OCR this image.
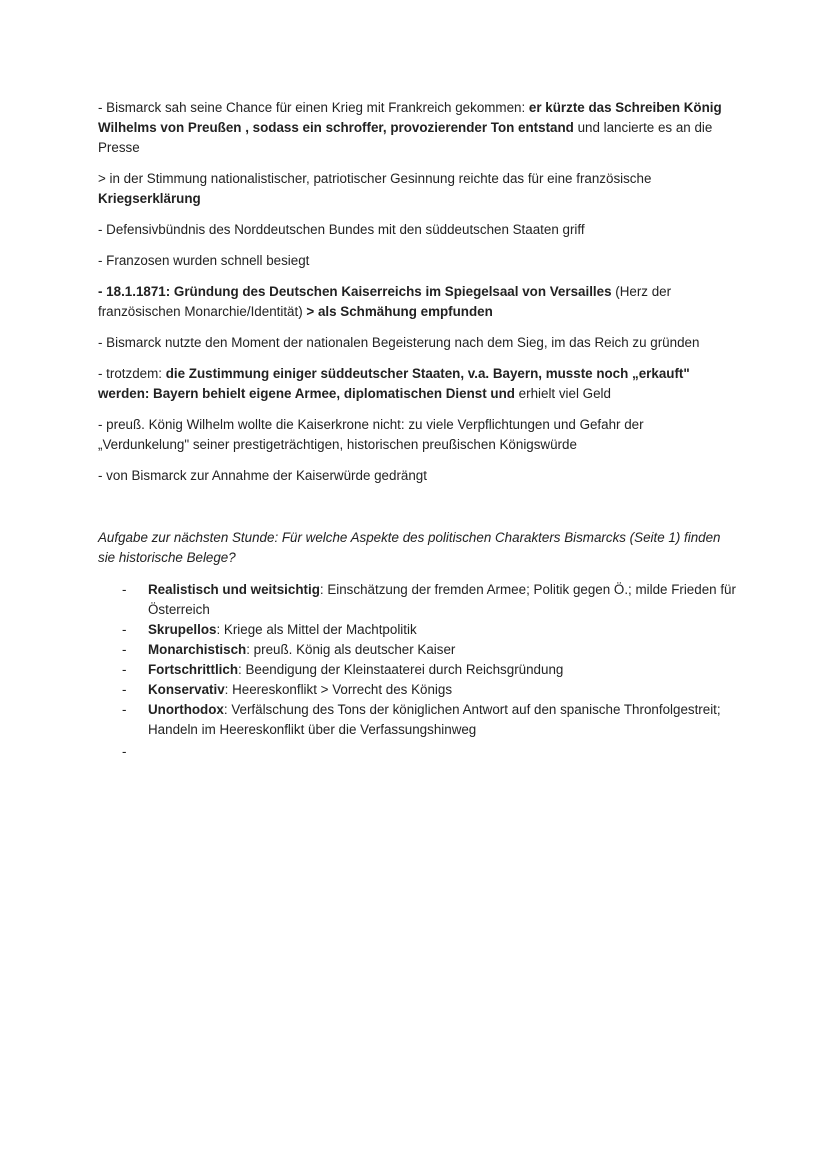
- Bismarck sah seine Chance für einen Krieg mit Frankreich gekommen: er kürzte das Schreiben König Wilhelms von Preußen , sodass ein schroffer, provozierender Ton entstand und lancierte es an die Presse

> in der Stimmung nationalistischer, patriotischer Gesinnung reichte das für eine französische Kriegserklärung

- Defensivbündnis des Norddeutschen Bundes mit den süddeutschen Staaten griff

- Franzosen wurden schnell besiegt

- 18.1.1871: Gründung des Deutschen Kaiserreichs im Spiegelsaal von Versailles (Herz der französischen Monarchie/Identität) > als Schmähung empfunden

- Bismarck nutzte den Moment der nationalen Begeisterung nach dem Sieg, im das Reich zu gründen

- trotzdem: die Zustimmung einiger süddeutscher Staaten, v.a. Bayern, musste noch „erkauft" werden: Bayern behielt eigene Armee, diplomatischen Dienst und erhielt viel Geld

- preuß. König Wilhelm wollte die Kaiserkrone nicht: zu viele Verpflichtungen und Gefahr der „Verdunkelung" seiner prestigeträchtigen, historischen preußischen Königswürde

- von Bismarck zur Annahme der Kaiserwürde gedrängt

Aufgabe zur nächsten Stunde: Für welche Aspekte des politischen Charakters Bismarcks (Seite 1) finden sie historische Belege?

- Realistisch und weitsichtig: Einschätzung der fremden Armee; Politik gegen Ö.; milde Frieden für Österreich
- Skrupellos: Kriege als Mittel der Machtpolitik
- Monarchistisch: preuß. König als deutscher Kaiser
- Fortschrittlich: Beendigung der Kleinstaaterei durch Reichsgründung
- Konservativ: Heereskonflikt > Vorrecht des Königs
- Unorthodox: Verfälschung des Tons der königlichen Antwort auf den spanische Thronfolgestreit; Handeln im Heereskonflikt über die Verfassungshinweg
-
